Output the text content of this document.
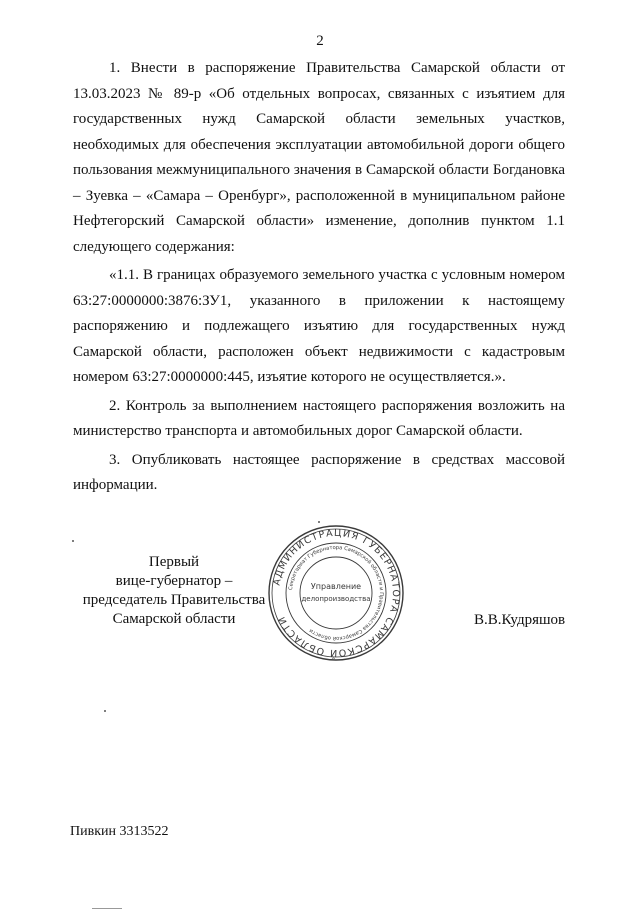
2

1. Внести в распоряжение Правительства Самарской области от 13.03.2023 № 89-р «Об отдельных вопросах, связанных с изъятием для государственных нужд Самарской области земельных участков, необходимых для обеспечения эксплуатации автомобильной дороги общего пользования межмуниципального значения в Самарской области Богдановка – Зуевка – «Самара – Оренбург», расположенной в муниципальном районе Нефтегорский Самарской области» изменение, дополнив пунктом 1.1 следующего содержания:

«1.1. В границах образуемого земельного участка с условным номером 63:27:0000000:3876:ЗУ1, указанного в приложении к настоящему распоряжению и подлежащего изъятию для государственных нужд Самарской области, расположен объект недвижимости с кадастровым номером 63:27:0000000:445, изъятие которого не осуществляется.».

2. Контроль за выполнением настоящего распоряжения возложить на министерство транспорта и автомобильных дорог Самарской области.

3. Опубликовать настоящее распоряжение в средствах массовой информации.

Первый
вице-губернатор –
председатель Правительства
Самарской области
АДМИНИСТРАЦИЯ ГУБЕРНАТОРА САМАРСКОЙ ОБЛАСТИ
Секретариат Губернатора Самарской области и Правительства Самарской области
Управление
делопроизводства
В.В.Кудряшов
Пивкин 3313522
